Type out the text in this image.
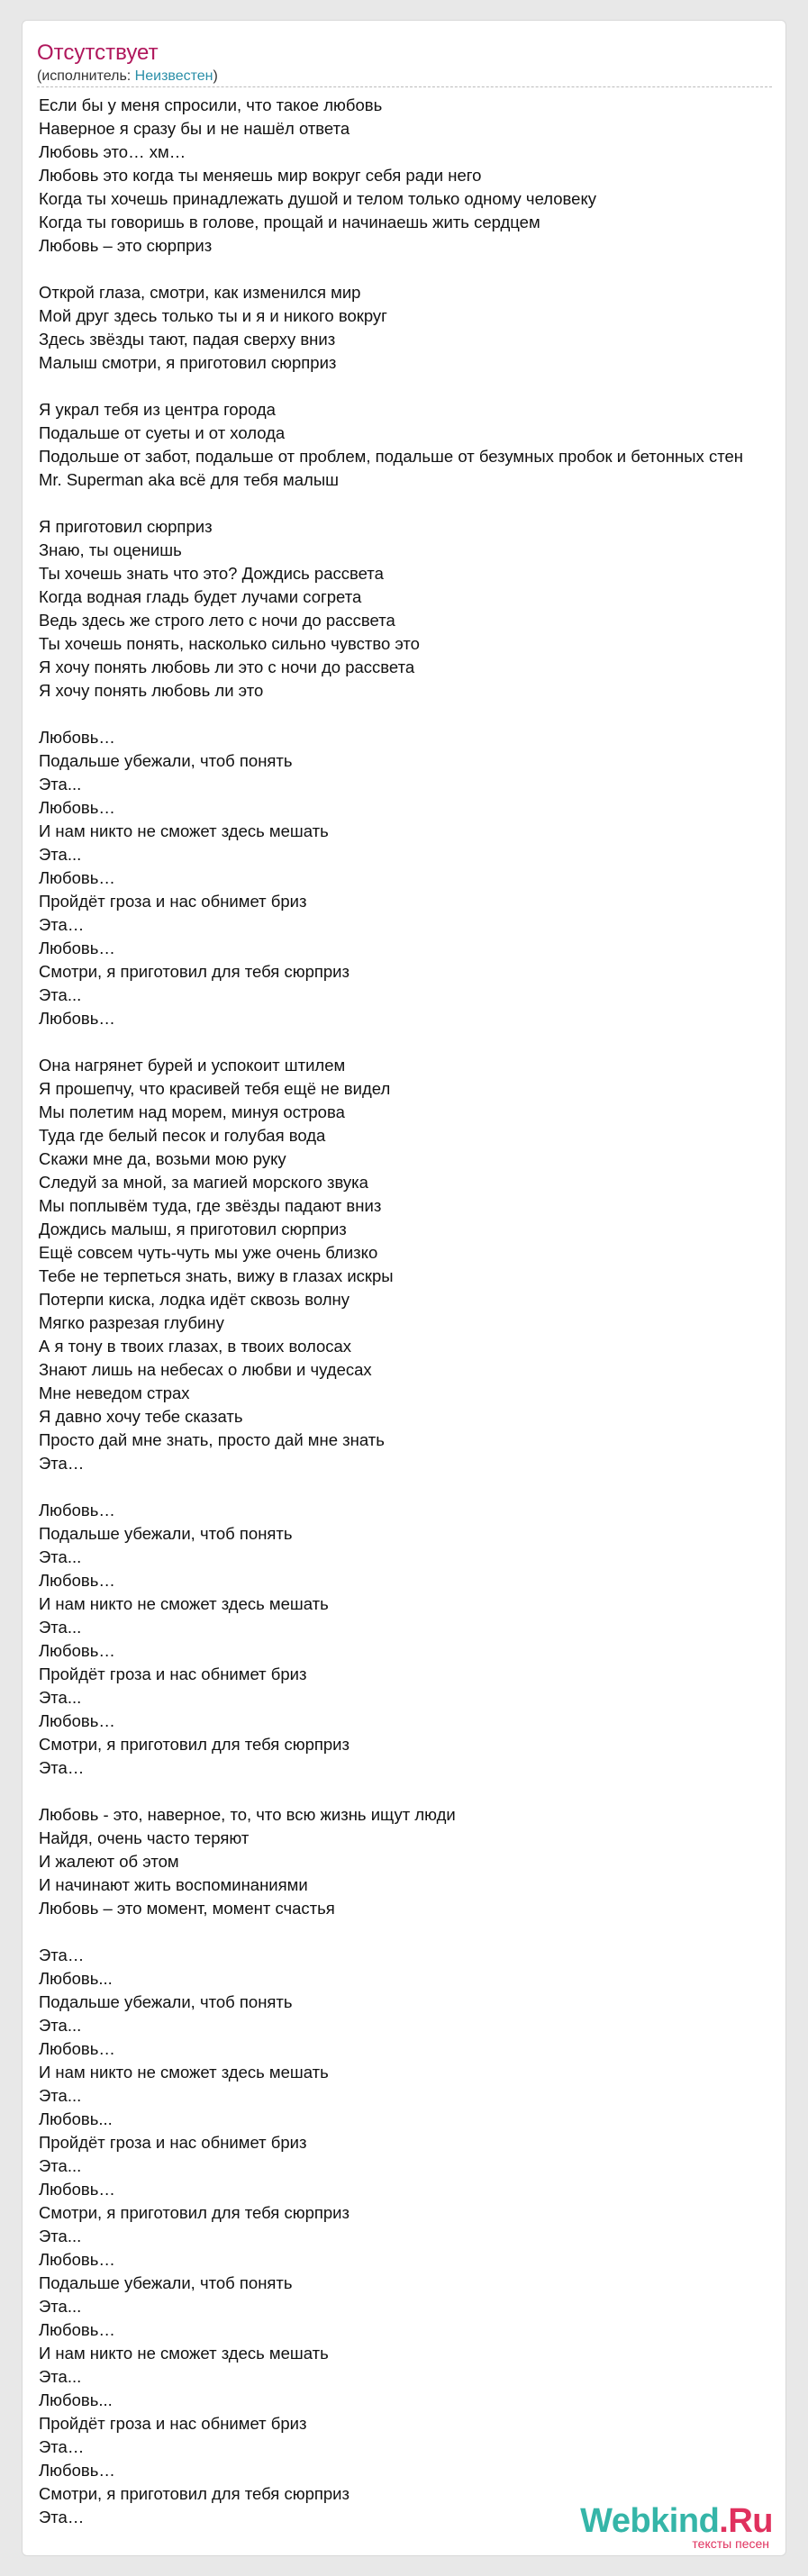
Отсутствует
(исполнитель: Неизвестен)
Если бы у меня спросили, что такое любовь
Наверное я сразу бы и не нашёл ответа
Любовь это… хм…
Любовь это когда ты меняешь мир вокруг себя ради него
Когда ты хочешь принадлежать душой и телом только одному человеку
Когда ты говоришь в голове, прощай и начинаешь жить сердцем
Любовь – это сюрприз
Открой глаза, смотри, как изменился мир
Мой друг здесь только ты и я и никого вокруг
Здесь звёзды тают, падая сверху вниз
Малыш смотри, я приготовил сюрприз
Я украл тебя из центра города
Подальше от суеты и от холода
Подольше от забот, подальше от проблем, подальше от безумных пробок и бетонных стен
Mr. Superman aka всё для тебя малыш
Я приготовил сюрприз
Знаю, ты оценишь
Ты хочешь знать что это? Дождись рассвета
Когда водная гладь будет лучами согрета
Ведь здесь же строго лето с ночи до рассвета
Ты хочешь понять, насколько сильно чувство это
Я хочу понять любовь ли это с ночи до рассвета
Я хочу понять любовь ли это
Любовь…
Подальше убежали, чтоб понять
Эта...
Любовь…
И нам никто не сможет здесь мешать
Эта...
Любовь…
Пройдёт гроза и нас обнимет бриз
Эта…
Любовь…
Смотри, я приготовил для тебя сюрприз
Эта...
Любовь…
Она нагрянет бурей и успокоит штилем
Я прошепчу, что красивей тебя ещё не видел
Мы полетим над морем, минуя острова
Туда где белый песок и голубая вода
Скажи мне да, возьми мою руку
Следуй за мной, за магией морского звука
Мы поплывём туда, где звёзды падают вниз
Дождись малыш, я приготовил сюрприз
Ещё совсем чуть-чуть мы уже очень близко
Тебе не терпеться знать, вижу в глазах искры
Потерпи киска, лодка идёт сквозь волну
Мягко разрезая глубину
А я тону в твоих глазах, в твоих волосах
Знают лишь на небесах о любви и чудесах
Мне неведом страх
Я давно хочу тебе сказать
Просто дай мне знать, просто дай мне знать
Эта…
Любовь…
Подальше убежали, чтоб понять
Эта...
Любовь…
И нам никто не сможет здесь мешать
Эта...
Любовь…
Пройдёт гроза и нас обнимет бриз
Эта...
Любовь…
Смотри, я приготовил для тебя сюрприз
Эта…
Любовь - это, наверное, то, что всю жизнь ищут люди
Найдя, очень часто теряют
И жалеют об этом
И начинают жить воспоминаниями
Любовь – это момент, момент счастья
Эта…
Любовь...
Подальше убежали, чтоб понять
Эта...
Любовь…
И нам никто не сможет здесь мешать
Эта...
Любовь...
Пройдёт гроза и нас обнимет бриз
Эта...
Любовь…
Смотри, я приготовил для тебя сюрприз
Эта...
Любовь…
Подальше убежали, чтоб понять
Эта...
Любовь…
И нам никто не сможет здесь мешать
Эта...
Любовь...
Пройдёт гроза и нас обнимет бриз
Эта…
Любовь…
Смотри, я приготовил для тебя сюрприз
Эта…	Webkind.Ru
тексты песен
